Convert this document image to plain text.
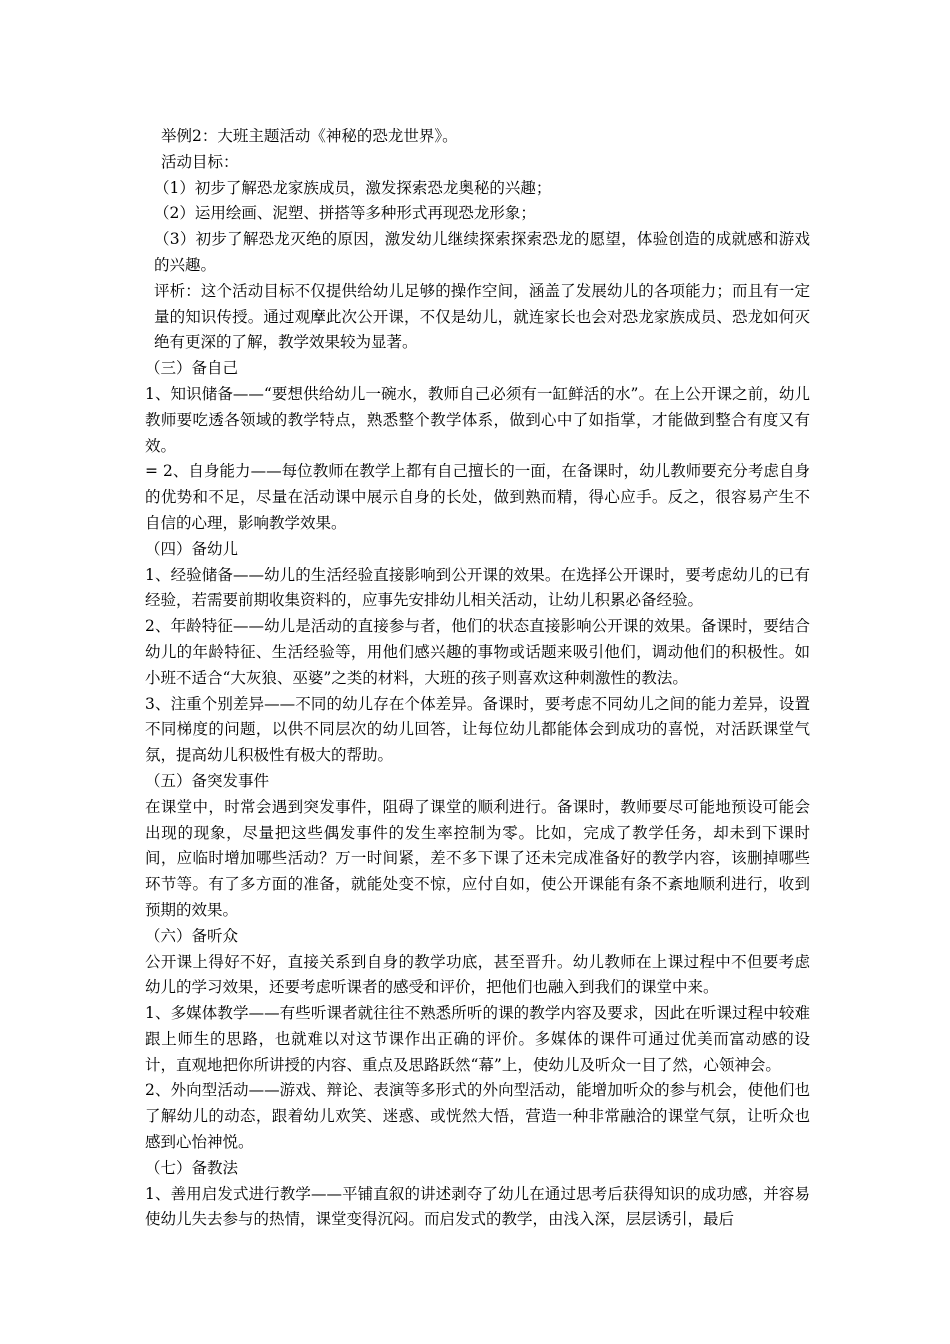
举例2：大班主题活动《神秘的恐龙世界》。

活动目标：

（1）初步了解恐龙家族成员，激发探索恐龙奥秘的兴趣；

（2）运用绘画、泥塑、拼搭等多种形式再现恐龙形象；

（3）初步了解恐龙灭绝的原因，激发幼儿继续探索探索恐龙的愿望，体验创造的成就感和游戏的兴趣。

评析：这个活动目标不仅提供给幼儿足够的操作空间，涵盖了发展幼儿的各项能力；而且有一定量的知识传授。通过观摩此次公开课，不仅是幼儿，就连家长也会对恐龙家族成员、恐龙如何灭绝有更深的了解，教学效果较为显著。

（三）备自己

1、知识储备——“要想供给幼儿一碗水，教师自己必须有一缸鲜活的水”。在上公开课之前，幼儿教师要吃透各领域的教学特点，熟悉整个教学体系，做到心中了如指掌，才能做到整合有度又有效。

= 2、自身能力——每位教师在教学上都有自己擅长的一面，在备课时，幼儿教师要充分考虑自身的优势和不足，尽量在活动课中展示自身的长处，做到熟而精，得心应手。反之，很容易产生不自信的心理，影响教学效果。

（四）备幼儿

1、经验储备——幼儿的生活经验直接影响到公开课的效果。在选择公开课时，要考虑幼儿的已有经验，若需要前期收集资料的，应事先安排幼儿相关活动，让幼儿积累必备经验。

2、年龄特征——幼儿是活动的直接参与者，他们的状态直接影响公开课的效果。备课时，要结合幼儿的年龄特征、生活经验等，用他们感兴趣的事物或话题来吸引他们，调动他们的积极性。如小班不适合“大灰狼、巫婆”之类的材料，大班的孩子则喜欢这种刺激性的教法。

3、注重个别差异——不同的幼儿存在个体差异。备课时，要考虑不同幼儿之间的能力差异，设置不同梯度的问题，以供不同层次的幼儿回答，让每位幼儿都能体会到成功的喜悦，对活跃课堂气氛，提高幼儿积极性有极大的帮助。

（五）备突发事件

在课堂中，时常会遇到突发事件，阻碍了课堂的顺利进行。备课时，教师要尽可能地预设可能会出现的现象，尽量把这些偶发事件的发生率控制为零。比如，完成了教学任务，却未到下课时间，应临时增加哪些活动？万一时间紧，差不多下课了还未完成准备好的教学内容，该删掉哪些环节等。有了多方面的准备，就能处变不惊，应付自如，使公开课能有条不紊地顺利进行，收到预期的效果。

（六）备听众

公开课上得好不好，直接关系到自身的教学功底，甚至晋升。幼儿教师在上课过程中不但要考虑幼儿的学习效果，还要考虑听课者的感受和评价，把他们也融入到我们的课堂中来。

1、多媒体教学——有些听课者就往往不熟悉所听的课的教学内容及要求，因此在听课过程中较难跟上师生的思路，也就难以对这节课作出正确的评价。多媒体的课件可通过优美而富动感的设计，直观地把你所讲授的内容、重点及思路跃然“幕”上，使幼儿及听众一目了然，心领神会。

2、外向型活动——游戏、辩论、表演等多形式的外向型活动，能增加听众的参与机会，使他们也了解幼儿的动态，跟着幼儿欢笑、迷惑、或恍然大悟，营造一种非常融洽的课堂气氛，让听众也感到心怡神悦。

（七）备教法

1、善用启发式进行教学——平铺直叙的讲述剥夺了幼儿在通过思考后获得知识的成功感，并容易使幼儿失去参与的热情，课堂变得沉闷。而启发式的教学，由浅入深，层层诱引，最后
